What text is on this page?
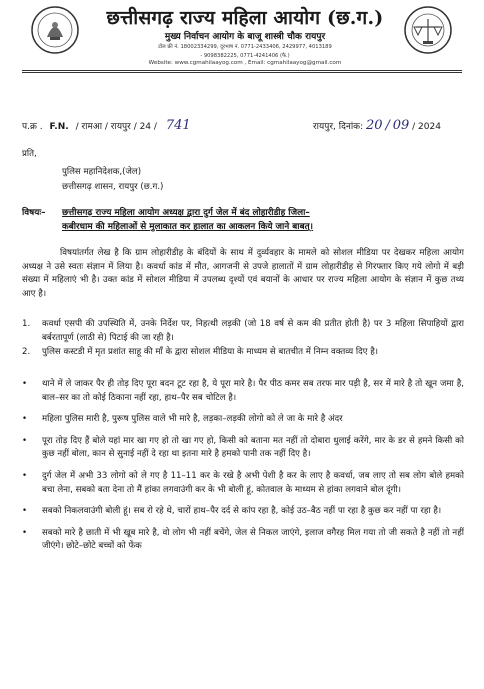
छत्तीसगढ़ राज्य महिला आयोग (छ.ग.)
मुख्य निर्वाचन आयोग के बाजू शास्त्री चौक रायपुर
टोल फ्री नं. 18002334299, दूरभाष नं. 0771-2433406, 2429977, 4013189
- 9098382225, 0771-4241406 (फै.)
Website: www.cgmahilaayog.com , Email: cgmahilaayog@gmail.com
प.क्र . F.N. / रामआ / रायपुर / 24 / 741	रायपुर, दिनांक: 20 / 09 / 2024
प्रति,
पुलिस महानिदेशक,(जेल)
छत्तीसगढ़ शासन, रायपुर (छ.ग.)
विषयः–	छत्तीसगढ़ राज्य महिला आयोग अध्यक्ष द्वारा दुर्ग जेल में बंद लोहारीडीह जिला–
कबीरधाम की महिलाओं से मुलाकात कर हालात का आकलन किये जाने बाबत्।
विषयांतर्गत लेख है कि ग्राम लोहारीडीह के बंदियों के साथ में दुर्व्यवहार के मामले को सोशल मीडिया पर देखकर महिला आयोग अध्यक्ष ने उसे स्वतः संज्ञान में लिया है। कवर्धा कांड में मौत, आगजनी से उपजे हालातों में ग्राम लोहारीडीह से गिरफ्तार किए गये लोगो में बड़ी संख्या में महिलाएं भी है। उक्त कांड में सोशल मीडिया में उपलब्ध दृश्यों एवं बयानों के आधार पर राज्य महिला आयोग के संज्ञान में कुछ तथ्य आए है।
1.	कवर्धा एसपी की उपस्थिति में, उनके निर्देश पर, निहत्थी लड़की (जो 18 वर्ष से कम की प्रतीत होती है) पर 3 महिला सिपाहियों द्वारा बर्बरतापूर्ण (लाठी से) पिटाई की जा रही है।
2.	पुलिस कस्टडी में मृत प्रशांत साहू की माँ के द्वारा सोशल मीडिया के माध्यम से बातचीत में निम्न वक्तव्य दिए है।
•	थाने में ले जाकर पैर ही तोड़ दिए पूरा बदन टूट रहा है, ये पूरा मारे है। पैर पीठ कमर सब तरफ मार पड़ी है, सर में मारे है तो खून जमा है, बाल–सर का तो कोई ठिकाना नहीं रहा, हाथ–पैर सब चोटिल है।
•	महिला पुलिस मारी है, पुरूष पुलिस वाले भी मारे है, लड़का–लड़की लोगो को ले जा के मारे है अंदर
•	पूरा तोड़ दिए हैं बोले यहां मार खा गए हो तो खा गए हो, किसी को बताना मत नहीं तो दोबारा धुलाई करेंगे, मार के डर से हमने किसी को कुछ नहीं बोला, कान से सुनाई नहीं दे रहा था इतना मारे है हमको पानी तक नहीं दिए है।
•	दुर्ग जेल में अभी 33 लोगो को ले गए है 11–11 कर के रखे है अभी पेशी है कर के लाए है कवर्धा, जब लाए तो सब लोग बोले हमको बचा लेना, सबको बता देना तो मैं हांका लगवाउंगी कर के भी बोली हूं, कोतवाल के माध्यम से हांका लगवाने बोल दूंगी।
•	सबको निकलवाउंगी बोली हूं। सब रो रहे थे, चारों हाथ–पैर दर्द से कांप रहा है, कोई उठ–बैठ नहीं पा रहा है कुछ कर नहीं पा रहा है।
•	सबको मारे है छाती में भी खूब मारे है, वो लोग भी नहीं बचेंगे, जेल से निकल जाएंगे, इलाज वगैरह मिल गया तो जी सकते है नहीं तो नहीं जीएंगे। छोटे–छोटे बच्चों को फेंक
